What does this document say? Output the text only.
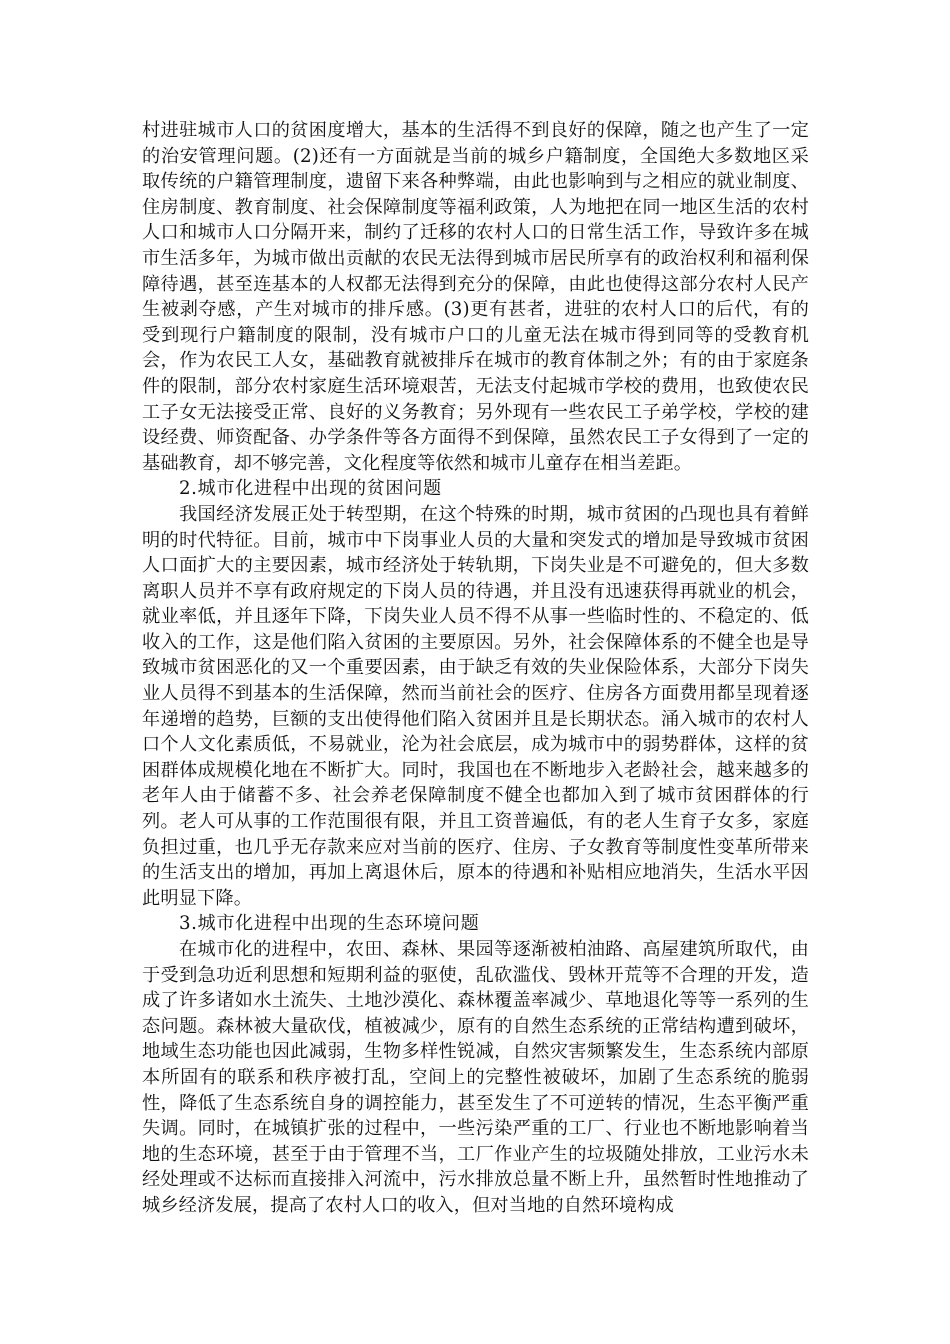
村进驻城市人口的贫困度增大，基本的生活得不到良好的保障，随之也产生了一定的治安管理问题。(2)还有一方面就是当前的城乡户籍制度，全国绝大多数地区采取传统的户籍管理制度，遗留下来各种弊端，由此也影响到与之相应的就业制度、住房制度、教育制度、社会保障制度等福利政策，人为地把在同一地区生活的农村人口和城市人口分隔开来，制约了迁移的农村人口的日常生活工作，导致许多在城市生活多年，为城市做出贡献的农民无法得到城市居民所享有的政治权利和福利保障待遇，甚至连基本的人权都无法得到充分的保障，由此也使得这部分农村人民产生被剥夺感，产生对城市的排斥感。(3)更有甚者，进驻的农村人口的后代，有的受到现行户籍制度的限制，没有城市户口的儿童无法在城市得到同等的受教育机会，作为农民工人女，基础教育就被排斥在城市的教育体制之外；有的由于家庭条件的限制，部分农村家庭生活环境艰苦，无法支付起城市学校的费用，也致使农民工子女无法接受正常、良好的义务教育；另外现有一些农民工子弟学校，学校的建设经费、师资配备、办学条件等各方面得不到保障，虽然农民工子女得到了一定的基础教育，却不够完善，文化程度等依然和城市儿童存在相当差距。

2.城市化进程中出现的贫困问题

我国经济发展正处于转型期，在这个特殊的时期，城市贫困的凸现也具有着鲜明的时代特征。目前，城市中下岗事业人员的大量和突发式的增加是导致城市贫困人口面扩大的主要因素，城市经济处于转轨期，下岗失业是不可避免的，但大多数离职人员并不享有政府规定的下岗人员的待遇，并且没有迅速获得再就业的机会，就业率低，并且逐年下降，下岗失业人员不得不从事一些临时性的、不稳定的、低收入的工作，这是他们陷入贫困的主要原因。另外，社会保障体系的不健全也是导致城市贫困恶化的又一个重要因素，由于缺乏有效的失业保险体系，大部分下岗失业人员得不到基本的生活保障，然而当前社会的医疗、住房各方面费用都呈现着逐年递增的趋势，巨额的支出使得他们陷入贫困并且是长期状态。涌入城市的农村人口个人文化素质低，不易就业，沦为社会底层，成为城市中的弱势群体，这样的贫困群体成规模化地在不断扩大。同时，我国也在不断地步入老龄社会，越来越多的老年人由于储蓄不多、社会养老保障制度不健全也都加入到了城市贫困群体的行列。老人可从事的工作范围很有限，并且工资普遍低，有的老人生育子女多，家庭负担过重，也几乎无存款来应对当前的医疗、住房、子女教育等制度性变革所带来的生活支出的增加，再加上离退休后，原本的待遇和补贴相应地消失，生活水平因此明显下降。

3.城市化进程中出现的生态环境问题

在城市化的进程中，农田、森林、果园等逐渐被柏油路、高屋建筑所取代，由于受到急功近利思想和短期利益的驱使，乱砍滥伐、毁林开荒等不合理的开发，造成了许多诸如水土流失、土地沙漠化、森林覆盖率减少、草地退化等等一系列的生态问题。森林被大量砍伐，植被减少，原有的自然生态系统的正常结构遭到破坏，地域生态功能也因此减弱，生物多样性锐减，自然灾害频繁发生，生态系统内部原本所固有的联系和秩序被打乱，空间上的完整性被破坏，加剧了生态系统的脆弱性，降低了生态系统自身的调控能力，甚至发生了不可逆转的情况，生态平衡严重失调。同时，在城镇扩张的过程中，一些污染严重的工厂、行业也不断地影响着当地的生态环境，甚至于由于管理不当，工厂作业产生的垃圾随处排放，工业污水未经处理或不达标而直接排入河流中，污水排放总量不断上升，虽然暂时性地推动了城乡经济发展，提高了农村人口的收入，但对当地的自然环境构成
